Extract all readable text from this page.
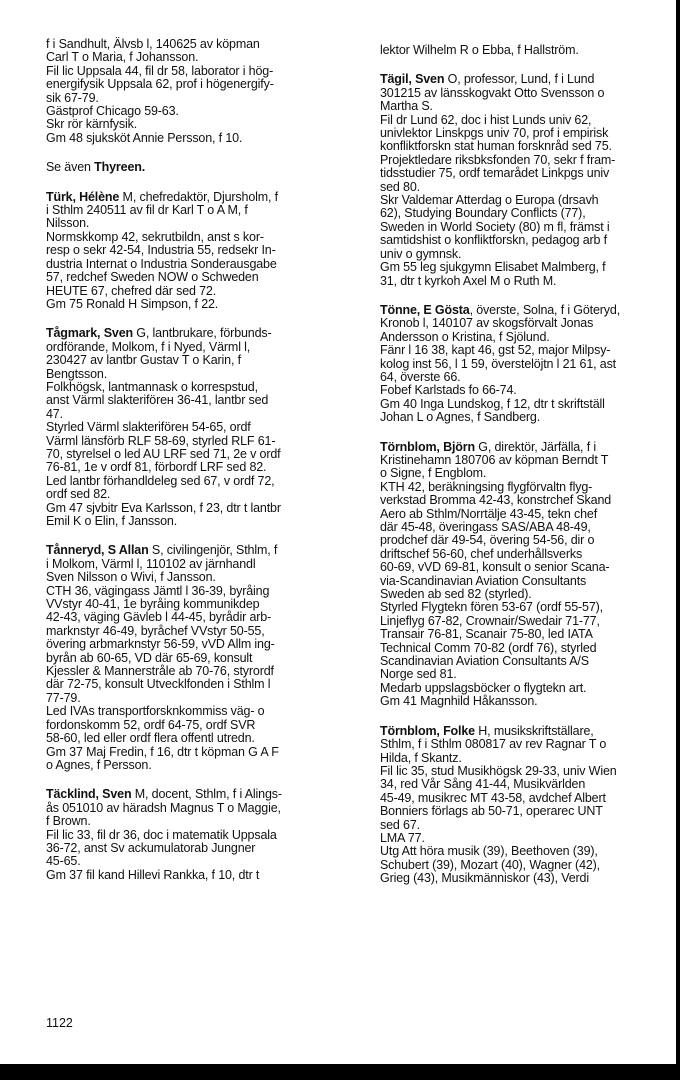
f i Sandhult, Älvsb l, 140625 av köpman
Carl T o Maria, f Johansson.
Fil lic Uppsala 44, fil dr 58, laborator i hög-
energifysik Uppsala 62, prof i högenergify-
sik 67-79.
Gästprof Chicago 59-63.
Skr rör kärnfysik.
Gm 48 sjuksköt Annie Persson, f 10.
Se även Thyreen.
Türk, Hélène M, chefredaktör, Djursholm, f
i Sthlm 240511 av fil dr Karl T o A M, f
Nilsson.
Normskkomp 42, sekrutbildn, anst s kor-
resp o sekr 42-54, Industria 55, redsekr In-
dustria Internat o Industria Sonderausgabe
57, redchef Sweden NOW o Schweden
HEUTE 67, chefred där sed 72.
Gm 75 Ronald H Simpson, f 22.
Tågmark, Sven G, lantbrukare, förbunds-
ordförande, Molkom, f i Nyed, Värml l,
230427 av lantbr Gustav T o Karin, f
Bengtsson.
Folkhögsk, lantmannask o korrespstud,
anst Värml slakteriföreн 36-41, lantbr sed
47.
Styrled Värml slakteriföreн 54-65, ordf
Värml länsförb RLF 58-69, styrled RLF 61-
70, styrelsel o led AU LRF sed 71, 2e v ordf
76-81, 1e v ordf 81, förbordf LRF sed 82.
Led lantbr förhandldeleg sed 67, v ordf 72,
ordf sed 82.
Gm 47 sjvbitr Eva Karlsson, f 23, dtr t lantbr
Emil K o Elin, f Jansson.
Tånneryd, S Allan S, civilingenjör, Sthlm, f
i Molkom, Värml l, 110102 av järnhandl
Sven Nilsson o Wivi, f Jansson.
CTH 36, vägingass Jämtl l 36-39, byråing
VVstyr 40-41, 1e byråing kommunikdep
42-43, väging Gävleb l 44-45, byrådir arb-
marknstyr 46-49, byråchef VVstyr 50-55,
övering arbmarknstyr 56-59, vVD Allm ing-
byrån ab 60-65, VD där 65-69, konsult
Kjessler & Mannerstråle ab 70-76, styrordf
där 72-75, konsult Utvecklfonden i Sthlm l
77-79.
Led IVAs transportforsknkommiss väg- o
fordonskomm 52, ordf 64-75, ordf SVR
58-60, led eller ordf flera offentl utredn.
Gm 37 Maj Fredin, f 16, dtr t köpman G A F
o Agnes, f Persson.
Täcklind, Sven M, docent, Sthlm, f i Alings-
ås 051010 av häradsh Magnus T o Maggie,
f Brown.
Fil lic 33, fil dr 36, doc i matematik Uppsala
36-72, anst Sv ackumulatorab Jungner
45-65.
Gm 37 fil kand Hillevi Rankka, f 10, dtr t
lektor Wilhelm R o Ebba, f Hallström.
Tägil, Sven O, professor, Lund, f i Lund
301215 av länsskogvakt Otto Svensson o
Martha S.
Fil dr Lund 62, doc i hist Lunds univ 62,
univlektor Linskpgs univ 70, prof i empirisk
konfliktforskn stat human forsknråd sed 75.
Projektledare riksbksfonden 70, sekr f fram-
tidsstudier 75, ordf temarådet Linkpgs univ
sed 80.
Skr Valdemar Atterdag o Europa (drsavh
62), Studying Boundary Conflicts (77),
Sweden in World Society (80) m fl, främst i
samtidshist o konfliktforskn, pedagog arb f
univ o gymnsk.
Gm 55 leg sjukgymn Elisabet Malmberg, f
31, dtr t kyrkoh Axel M o Ruth M.
Tönne, E Gösta, överste, Solna, f i Göteryd,
Kronob l, 140107 av skogsförvalt Jonas
Andersson o Kristina, f Sjölund.
Fänr l 16 38, kapt 46, gst 52, major Milpsy-
kolog inst 56, l 1 59, överstelöjtn l 21 61, ast
64, överste 66.
Fobef Karlstads fo 66-74.
Gm 40 Inga Lundskog, f 12, dtr t skriftställ
Johan L o Agnes, f Sandberg.
Törnblom, Björn G, direktör, Järfälla, f i
Kristinehamn 180706 av köpman Berndt T
o Signe, f Engblom.
KTH 42, beräkningsing flygförvaltn flyg-
verkstad Bromma 42-43, konstrchef Skand
Aero ab Sthlm/Norrtälje 43-45, tekn chef
där 45-48, överingass SAS/ABA 48-49,
prodchef där 49-54, övering 54-56, dir o
driftschef 56-60, chef underhållsverks
60-69, vVD 69-81, konsult o senior Scana-
via-Scandinavian Aviation Consultants
Sweden ab sed 82 (styrled).
Styrled Flygtekn fören 53-67 (ordf 55-57),
Linjeflyg 67-82, Crownair/Swedair 71-77,
Transair 76-81, Scanair 75-80, led IATA
Technical Comm 70-82 (ordf 76), styrled
Scandinavian Aviation Consultants A/S
Norge sed 81.
Medarb uppslagsböcker o flygtekn art.
Gm 41 Magnhild Håkansson.
Törnblom, Folke H, musikskriftställare,
Sthlm, f i Sthlm 080817 av rev Ragnar T o
Hilda, f Skantz.
Fil lic 35, stud Musikhögsk 29-33, univ Wien
34, red Vår Sång 41-44, Musikvärlden
45-49, musikrec MT 43-58, avdchef Albert
Bonniers förlags ab 50-71, operarec UNT
sed 67.
LMA 77.
Utg Att höra musik (39), Beethoven (39),
Schubert (39), Mozart (40), Wagner (42),
Grieg (43), Musikmänniskor (43), Verdi
1122
